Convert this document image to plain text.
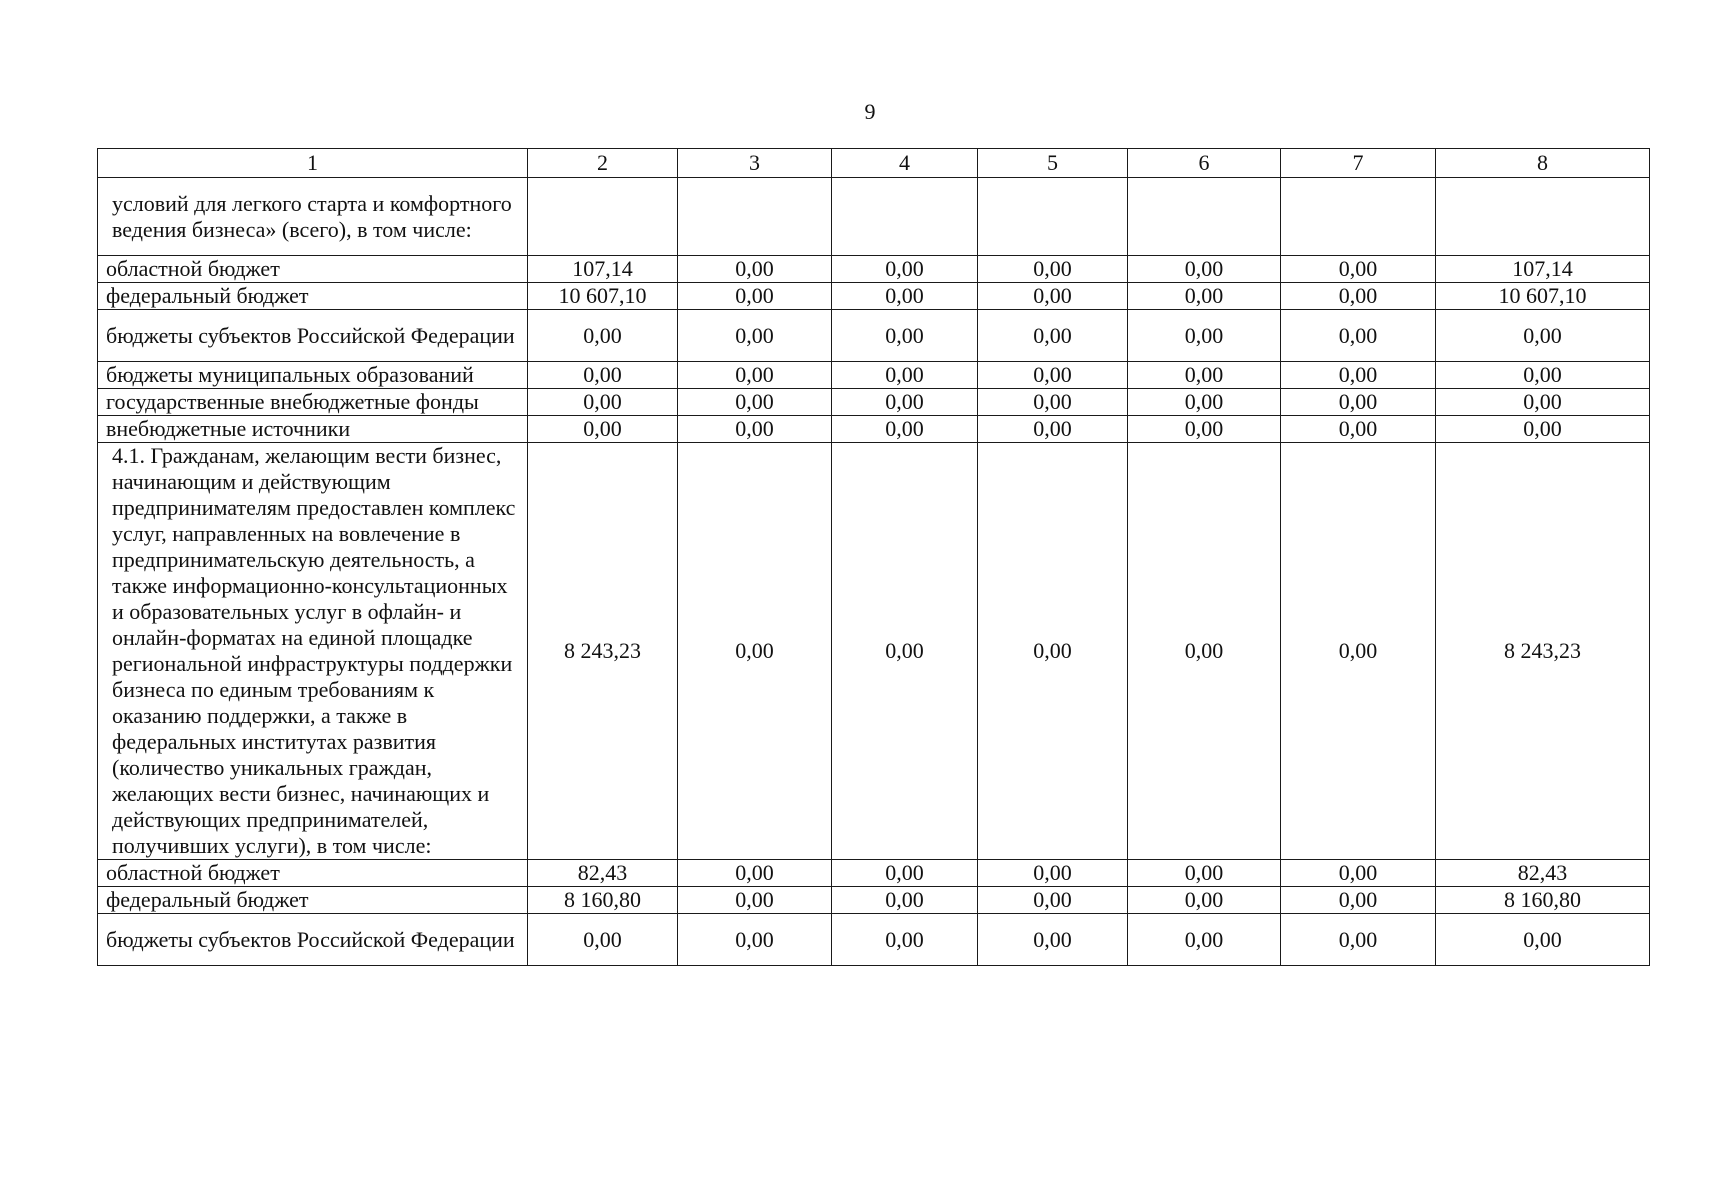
9
1	2	3	4	5	6	7	8
условий для легкого старта и комфортного ведения бизнеса» (всего), в том числе:							
областной бюджет	107,14	0,00	0,00	0,00	0,00	0,00	107,14
федеральный бюджет	10 607,10	0,00	0,00	0,00	0,00	0,00	10 607,10
бюджеты субъектов Российской Федерации	0,00	0,00	0,00	0,00	0,00	0,00	0,00
бюджеты муниципальных образований	0,00	0,00	0,00	0,00	0,00	0,00	0,00
государственные внебюджетные фонды	0,00	0,00	0,00	0,00	0,00	0,00	0,00
внебюджетные источники	0,00	0,00	0,00	0,00	0,00	0,00	0,00
4.1. Гражданам, желающим вести бизнес, начинающим и действующим предпринимателям предоставлен комплекс услуг, направленных на вовлечение в предпринимательскую деятельность, а также информационно-консультационных и образовательных услуг в офлайн- и онлайн-форматах на единой площадке региональной инфраструктуры поддержки бизнеса по единым требованиям к оказанию поддержки, а также в федеральных институтах развития (количество уникальных граждан, желающих вести бизнес, начинающих и действующих предпринимателей, получивших услуги), в том числе:	8 243,23	0,00	0,00	0,00	0,00	0,00	8 243,23
областной бюджет	82,43	0,00	0,00	0,00	0,00	0,00	82,43
федеральный бюджет	8 160,80	0,00	0,00	0,00	0,00	0,00	8 160,80
бюджеты субъектов Российской Федерации	0,00	0,00	0,00	0,00	0,00	0,00	0,00
